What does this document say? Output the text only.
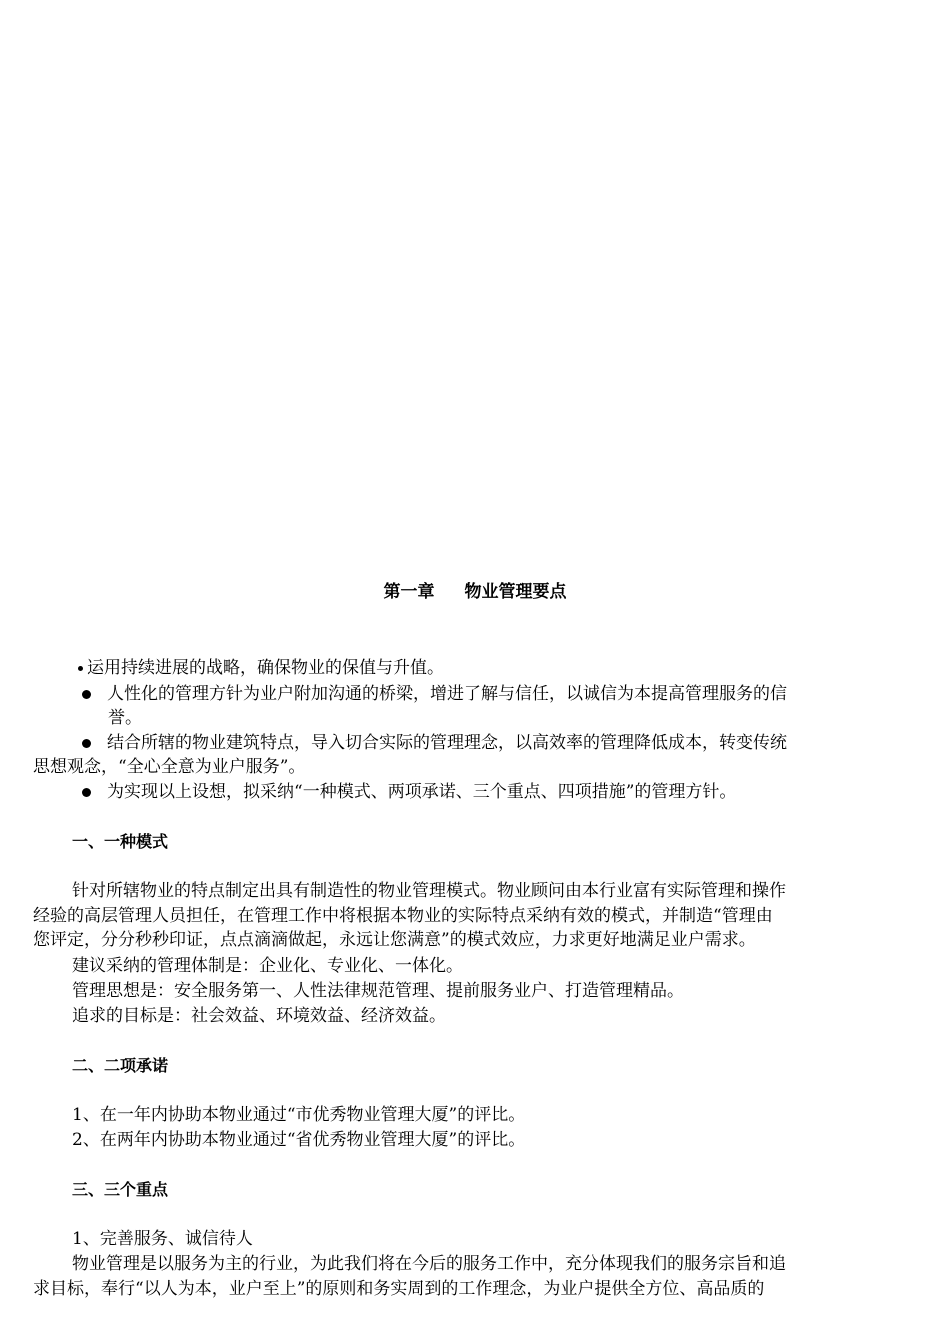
第一章 物业管理要点
运用持续进展的战略，确保物业的保值与升值。
人性化的管理方针为业户附加沟通的桥梁，增进了解与信任，以诚信为本提高管理服务的信
誉。
结合所辖的物业建筑特点，导入切合实际的管理理念，以高效率的管理降低成本，转变传统
思想观念，“全心全意为业户服务”。
为实现以上设想，拟采纳“一种模式、两项承诺、三个重点、四项措施”的管理方针。
一、一种模式
针对所辖物业的特点制定出具有制造性的物业管理模式。物业顾问由本行业富有实际管理和操作
经验的高层管理人员担任，在管理工作中将根据本物业的实际特点采纳有效的模式，并制造“管理由
您评定，分分秒秒印证，点点滴滴做起，永远让您满意”的模式效应，力求更好地满足业户需求。
建议采纳的管理体制是：企业化、专业化、一体化。
管理思想是：安全服务第一、人性法律规范管理、提前服务业户、打造管理精品。
追求的目标是：社会效益、环境效益、经济效益。
二、二项承诺
1、在一年内协助本物业通过“市优秀物业管理大厦”的评比。
2、在两年内协助本物业通过“省优秀物业管理大厦”的评比。
三、三个重点
1、完善服务、诚信待人
物业管理是以服务为主的行业，为此我们将在今后的服务工作中，充分体现我们的服务宗旨和追
求目标，奉行“以人为本，业户至上”的原则和务实周到的工作理念，为业户提供全方位、高品质的
